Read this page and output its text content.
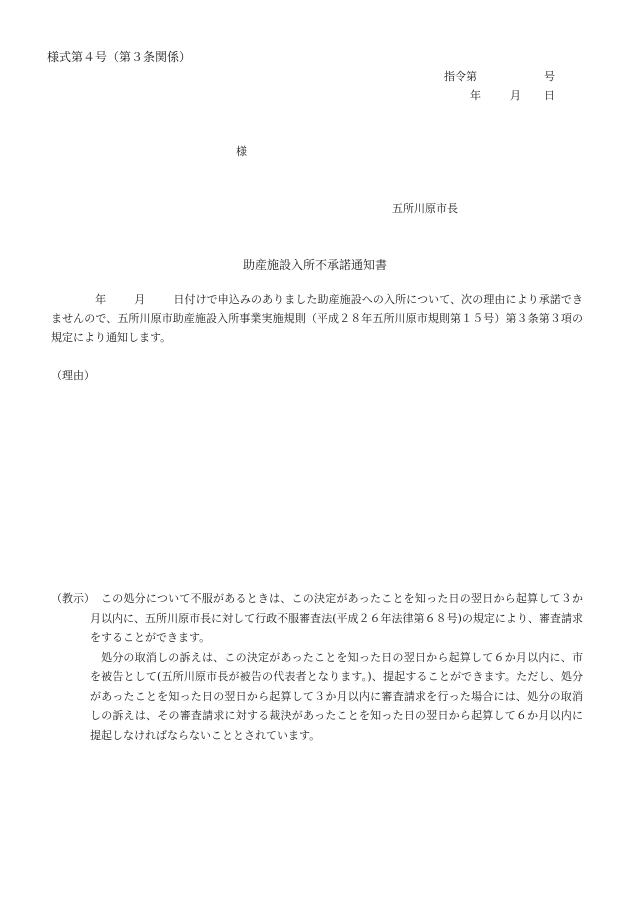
様式第４号（第３条関係）
指令第	号
年	月 日
様
五所川原市長
助産施設入所不承諾通知書
年	月	日付けで申込みのありました助産施設への入所について、次の理由により承諾できませんので、五所川原市助産施設入所事業実施規則（平成２８年五所川原市規則第１５号）第３条第３項の規定により通知します。
（理由）
（教示） この処分について不服があるときは、この決定があったことを知った日の翌日から起算して３か月以内に、五所川原市長に対して行政不服審査法(平成２６年法律第６８号)の規定により、審査請求をすることができます。

処分の取消しの訴えは、この決定があったことを知った日の翌日から起算して６か月以内に、市を被告として(五所川原市長が被告の代表者となります。)、提起することができます。ただし、処分があったことを知った日の翌日から起算して３か月以内に審査請求を行った場合には、処分の取消しの訴えは、その審査請求に対する裁決があったことを知った日の翌日から起算して６か月以内に提起しなければならないこととされています。
